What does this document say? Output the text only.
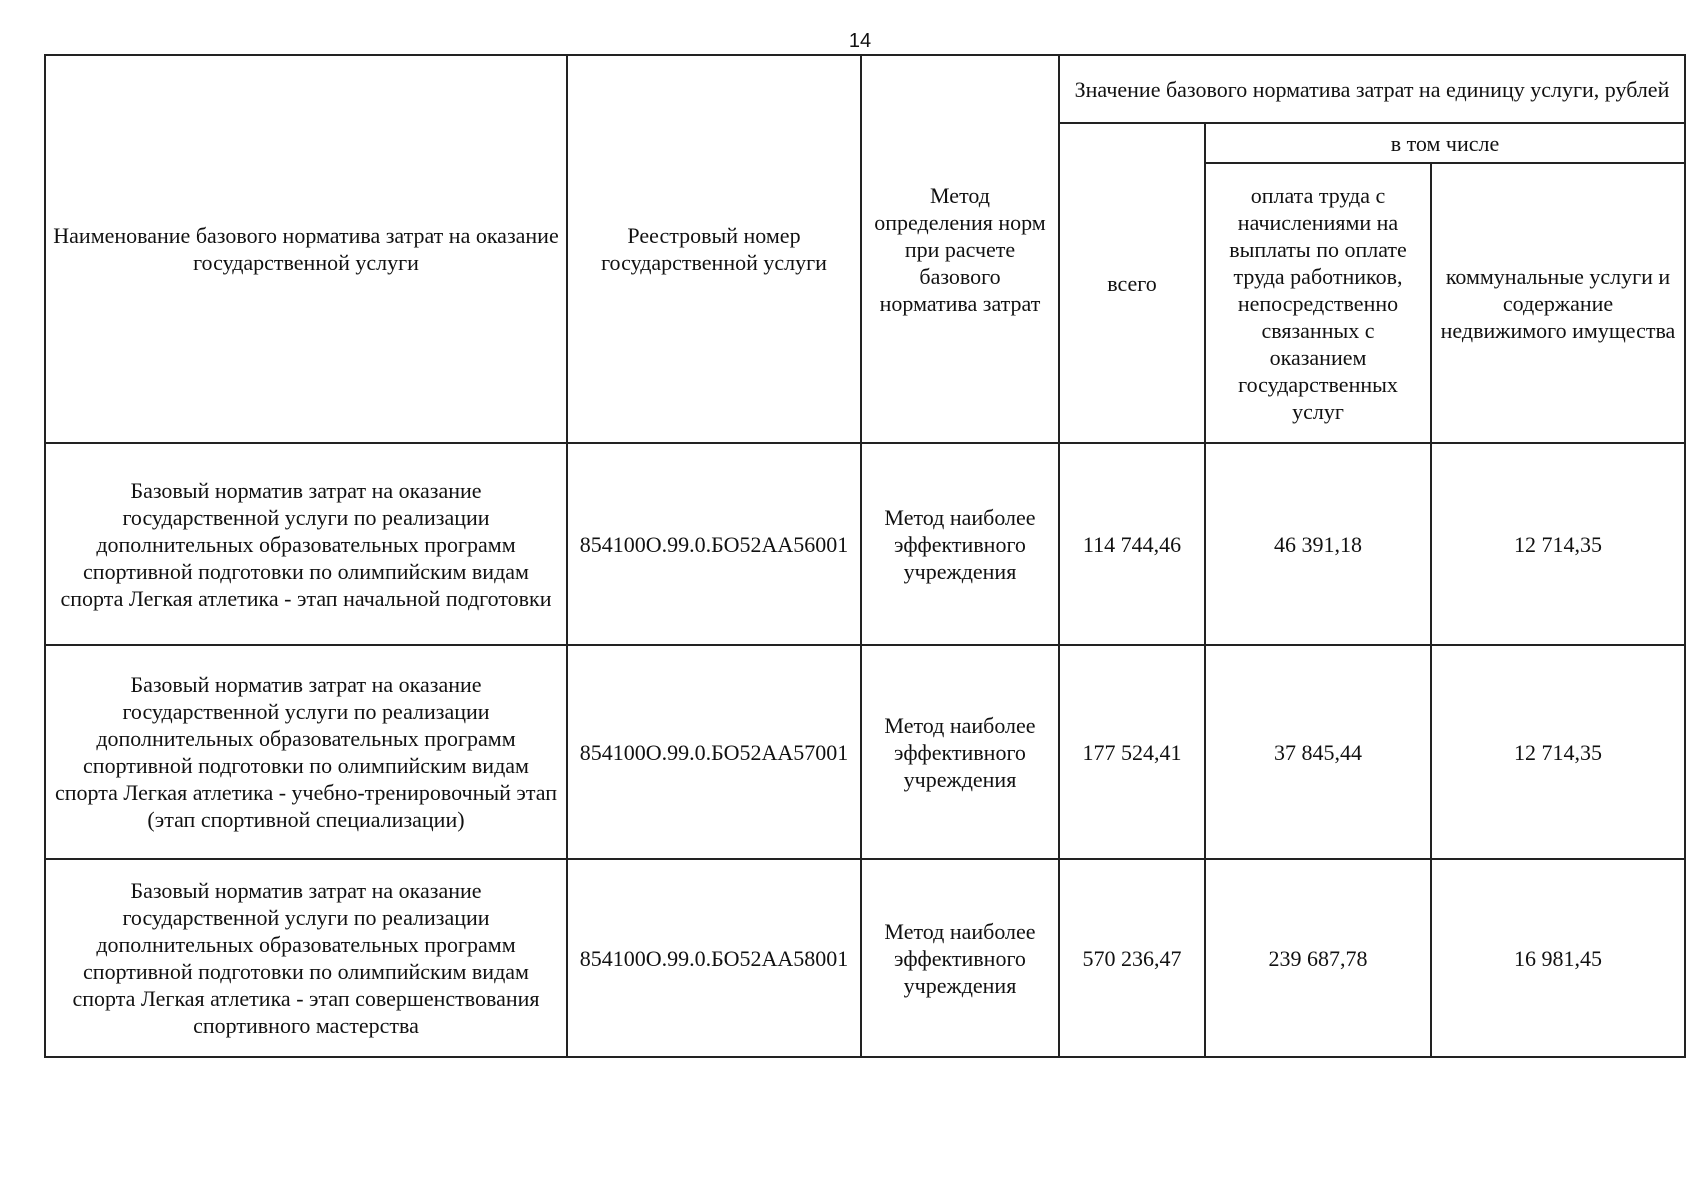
14
Наименование базового норматива затрат на оказание государственной услуги	Реестровый номер государственной услуги	Метод определения норм при расчете базового норматива затрат	Значение базового норматива затрат на единицу услуги, рублей		
			всего	в том числе	
				оплата труда с начислениями на выплаты по оплате труда работников, непосредственно связанных с оказанием государственных услуг	коммунальные услуги и содержание недвижимого имущества
Базовый норматив затрат на оказание государственной услуги по реализации дополнительных образовательных программ спортивной подготовки по олимпийским видам спорта Легкая атлетика - этап начальной подготовки	854100О.99.0.БО52АА56001	Метод наиболее эффективного учреждения	114 744,46	46 391,18	12 714,35
Базовый норматив затрат на оказание государственной услуги по реализации дополнительных образовательных программ спортивной подготовки по олимпийским видам спорта Легкая атлетика - учебно-тренировочный этап (этап спортивной специализации)	854100О.99.0.БО52АА57001	Метод наиболее эффективного учреждения	177 524,41	37 845,44	12 714,35
Базовый норматив затрат на оказание государственной услуги по реализации дополнительных образовательных программ спортивной подготовки по олимпийским видам спорта Легкая атлетика - этап совершенствования спортивного мастерства	854100О.99.0.БО52АА58001	Метод наиболее эффективного учреждения	570 236,47	239 687,78	16 981,45
